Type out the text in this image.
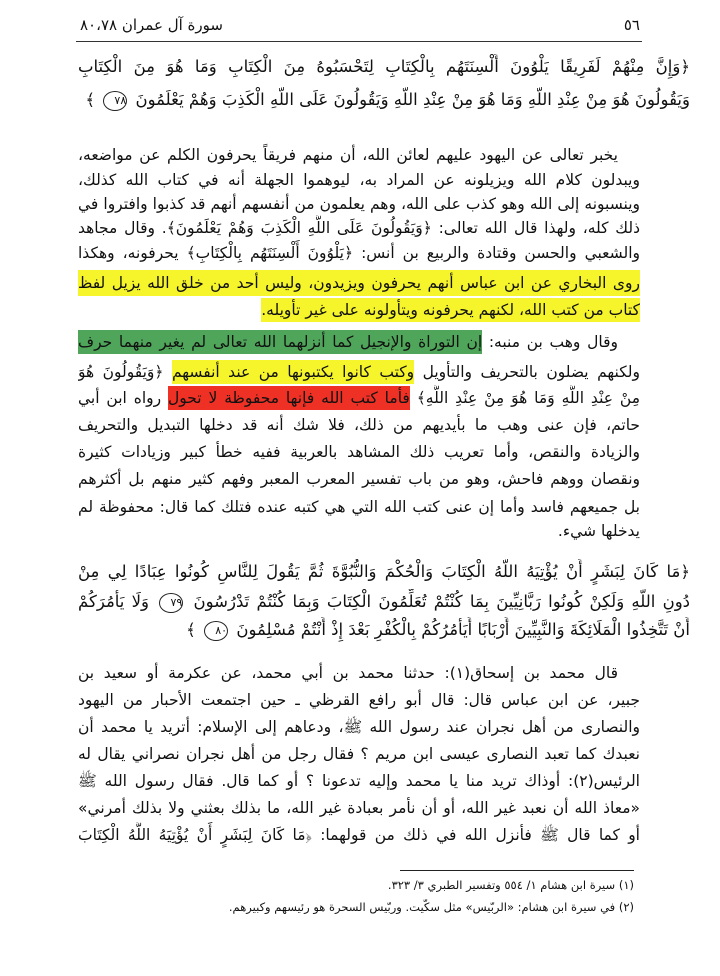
٥٦
سورة آل عمران ٨٠،٧٨
﴿وَإِنَّ مِنْهُمْ لَفَرِيقًا يَلْوُونَ أَلْسِنَتَهُم بِالْكِتَابِ لِتَحْسَبُوهُ مِنَ الْكِتَابِ وَمَا هُوَ مِنَ الْكِتَابِ
وَيَقُولُونَ هُوَ مِنْ عِنْدِ اللَّهِ وَمَا هُوَ مِنْ عِنْدِ اللَّهِ وَيَقُولُونَ عَلَى اللَّهِ الْكَذِبَ وَهُمْ يَعْلَمُونَ ٧٨ ﴾
يخبر تعالى عن اليهود عليهم لعائن الله، أن منهم فريقاً يحرفون الكلم عن مواضعه،
ويبدلون كلام الله ويزيلونه عن المراد به، ليوهموا الجهلة أنه في كتاب الله كذلك،
وينسبونه إلى الله وهو كذب على الله، وهم يعلمون من أنفسهم أنهم قد كذبوا وافتروا في
ذلك كله، ولهذا قال الله تعالى: ﴿وَيَقُولُونَ عَلَى اللَّهِ الْكَذِبَ وَهُمْ يَعْلَمُونَ﴾. وقال مجاهد
والشعبي والحسن وقتادة والربيع بن أنس: ﴿يَلْوُونَ أَلْسِنَتَهُم بِالْكِتَابِ﴾ يحرفونه، وهكذا
روى البخاري عن ابن عباس أنهم يحرفون ويزيدون، وليس أحد من خلق الله يزيل لفظ
كتاب من كتب الله، لكنهم يحرفونه ويتأولونه على غير تأويله.
وقال وهب بن منبه: إن التوراة والإنجيل كما أنزلهما الله تعالى لم يغير منهما حرف
ولكنهم يضلون بالتحريف والتأويل وكتب كانوا يكتبونها من عند أنفسهم ﴿وَيَقُولُونَ هُوَ
مِنْ عِنْدِ اللَّهِ وَمَا هُوَ مِنْ عِنْدِ اللَّهِ﴾ فأما كتب الله فإنها محفوظة لا تحول رواه ابن أبي
حاتم، فإن عنى وهب ما بأيديهم من ذلك، فلا شك أنه قد دخلها التبديل والتحريف
والزيادة والنقص، وأما تعريب ذلك المشاهد بالعربية ففيه خطأ كبير وزيادات كثيرة
ونقصان ووهم فاحش، وهو من باب تفسير المعرب المعبر وفهم كثير منهم بل أكثرهم
بل جميعهم فاسد وأما إن عنى كتب الله التي هي كتبه عنده فتلك كما قال: محفوظة لم
يدخلها شيء.
﴿مَا كَانَ لِبَشَرٍ أَنْ يُؤْتِيَهُ اللَّهُ الْكِتَابَ وَالْحُكْمَ وَالنُّبُوَّةَ ثُمَّ يَقُولَ لِلنَّاسِ كُونُوا عِبَادًا لِي مِنْ
دُونِ اللَّهِ وَلَكِنْ كُونُوا رَبَّانِيِّينَ بِمَا كُنْتُمْ تُعَلِّمُونَ الْكِتَابَ وَبِمَا كُنْتُمْ تَدْرُسُونَ ٧٩ وَلَا يَأْمُرَكُمْ
أَنْ تَتَّخِذُوا الْمَلَائِكَةَ وَالنَّبِيِّينَ أَرْبَابًا أَيَأْمُرُكُمْ بِالْكُفْرِ بَعْدَ إِذْ أَنْتُمْ مُسْلِمُونَ ٨٠ ﴾
قال محمد بن إسحاق(١): حدثنا محمد بن أبي محمد، عن عكرمة أو سعيد بن
جبير، عن ابن عباس قال: قال أبو رافع القرظي ـ حين اجتمعت الأحبار من اليهود
والنصارى من أهل نجران عند رسول الله ﷺ، ودعاهم إلى الإسلام: أتريد يا محمد أن
نعبدك كما تعبد النصارى عيسى ابن مريم ؟ فقال رجل من أهل نجران نصراني يقال له
الرئيس(٢): أوذاك تريد منا يا محمد وإليه تدعونا ؟ أو كما قال. فقال رسول الله ﷺ
«معاذ الله أن نعبد غير الله، أو أن نأمر بعبادة غير الله، ما بذلك بعثني ولا بذلك أمرني»
أو كما قال ﷺ فأنزل الله في ذلك من قولهما: ﴿مَا كَانَ لِبَشَرٍ أَنْ يُؤْتِيَهُ اللَّهُ الْكِتَابَ
(١) سيرة ابن هشام ١/ ٥٥٤ وتفسير الطبري ٣/ ٣٢٣.
(٢) في سيرة ابن هشام: «الربّيس» مثل سكّيت. وربّيس السحرة هو رئيسهم وكبيرهم.
